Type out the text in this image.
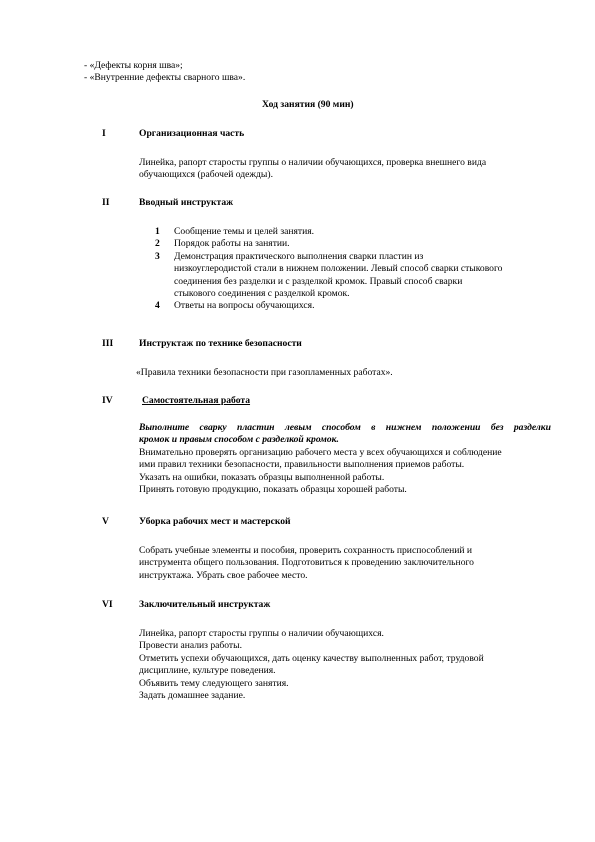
- «Дефекты корня шва»;
- «Внутренние дефекты сварного шва».
Ход занятия (90 мин)
I	Организационная часть
Линейка, рапорт старосты группы о наличии обучающихся, проверка внешнего вида
обучающихся (рабочей одежды).
II	Вводный инструктаж
1 Сообщение темы и целей занятия.
2 Порядок работы на занятии.
3 Демонстрация практического выполнения сварки пластин из
низкоуглеродистой стали в нижнем положении. Левый способ сварки стыкового
соединения без разделки и с разделкой кромок. Правый способ сварки
стыкового соединения с разделкой кромок.
4 Ответы на вопросы обучающихся.
III	Инструктаж по технике безопасности
«Правила техники безопасности при газопламенных работах».
IV	Самостоятельная работа
Выполните сварку пластин левым способом в нижнем положении без разделки
кромок и правым способом с разделкой кромок.
Внимательно проверять организацию рабочего места у всех обучающихся и соблюдение
ими правил техники безопасности, правильности выполнения приемов работы.
Указать на ошибки, показать образцы выполненной работы.
Принять готовую продукцию, показать образцы хорошей работы.
V	Уборка рабочих мест и мастерской
Собрать учебные элементы и пособия, проверить сохранность приспособлений и
инструмента общего пользования. Подготовиться к проведению заключительного
инструктажа. Убрать свое рабочее место.
VI	Заключительный инструктаж
Линейка, рапорт старосты группы о наличии обучающихся.
Провести анализ работы.
Отметить успехи обучающихся, дать оценку качеству выполненных работ, трудовой
дисциплине, культуре поведения.
Объявить тему следующего занятия.
Задать домашнее задание.
